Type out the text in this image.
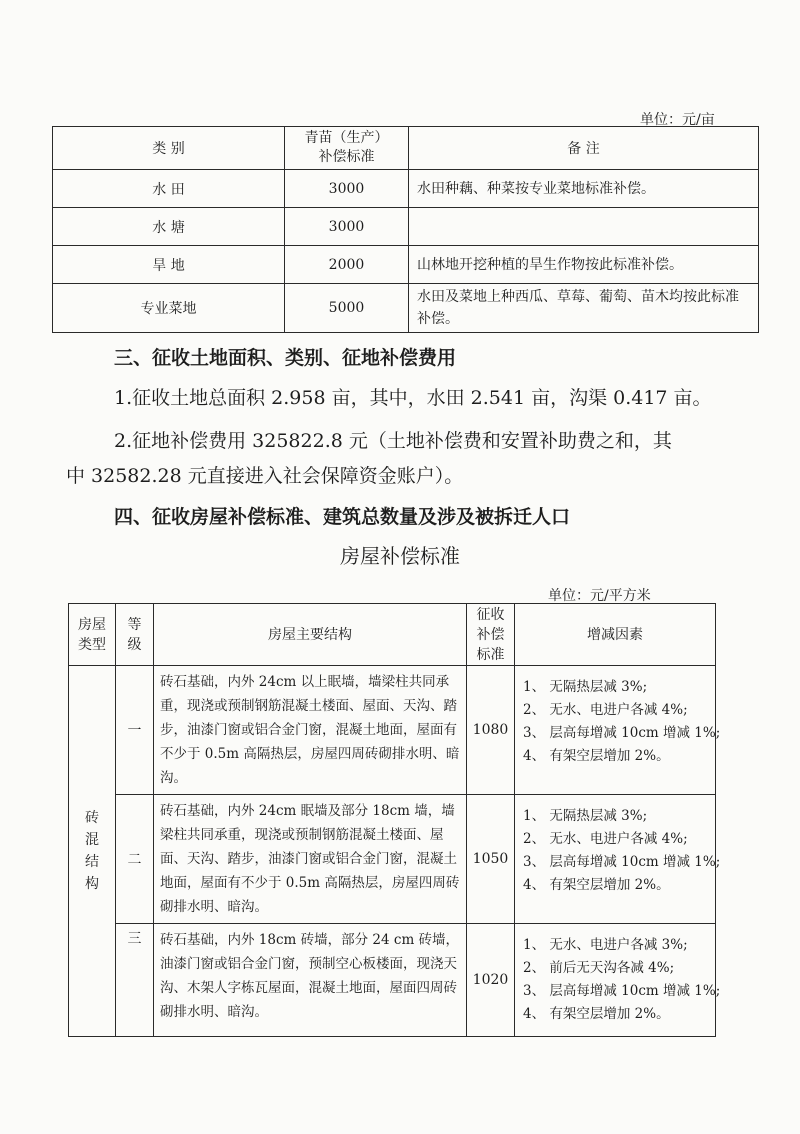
单位：元/亩
类 别	青苗（生产）补偿标准	备 注
水 田	3000	水田种藕、种菜按专业菜地标准补偿。
水 塘	3000	
旱 地	2000	山林地开挖种植的旱生作物按此标准补偿。
专业菜地	5000	水田及菜地上种西瓜、草莓、葡萄、苗木均按此标准补偿。
三、征收土地面积、类别、征地补偿费用
1.征收土地总面积 2.958 亩，其中，水田 2.541 亩，沟渠 0.417 亩。
2.征地补偿费用 325822.8 元（土地补偿费和安置补助费之和，其
中 32582.28 元直接进入社会保障资金账户）。
四、征收房屋补偿标准、建筑总数量及涉及被拆迁人口
房屋补偿标准
单位：元/平方米
房屋类型	等级	房屋主要结构	征收补偿标准	增减因素
砖混结构	一	砖石基础，内外 24cm 以上眠墙，墙梁柱共同承重，现浇或预制钢筋混凝土楼面、屋面、天沟、踏步，油漆门窗或铝合金门窗，混凝土地面，屋面有不少于 0.5m 高隔热层，房屋四周砖砌排水明、暗沟。	1080	1、 无隔热层减 3%;
2、 无水、电进户各减 4%;
3、 层高每增减 10cm 增减 1%;
4、 有架空层增加 2%。
	二	砖石基础，内外 24cm 眠墙及部分 18cm 墙，墙梁柱共同承重，现浇或预制钢筋混凝土楼面、屋面、天沟、踏步，油漆门窗或铝合金门窗，混凝土地面，屋面有不少于 0.5m 高隔热层，房屋四周砖砌排水明、暗沟。	1050	1、 无隔热层减 3%;
2、 无水、电进户各减 4%;
3、 层高每增减 10cm 增减 1%;
4、 有架空层增加 2%。
	三	砖石基础，内外 18cm 砖墙，部分 24 cm 砖墙，油漆门窗或铝合金门窗，预制空心板楼面，现浇天沟、木架人字栋瓦屋面，混凝土地面，屋面四周砖砌排水明、暗沟。	1020	1、 无水、电进户各减 3%;
2、 前后无天沟各减 4%;
3、 层高每增减 10cm 增减 1%;
4、 有架空层增加 2%。
